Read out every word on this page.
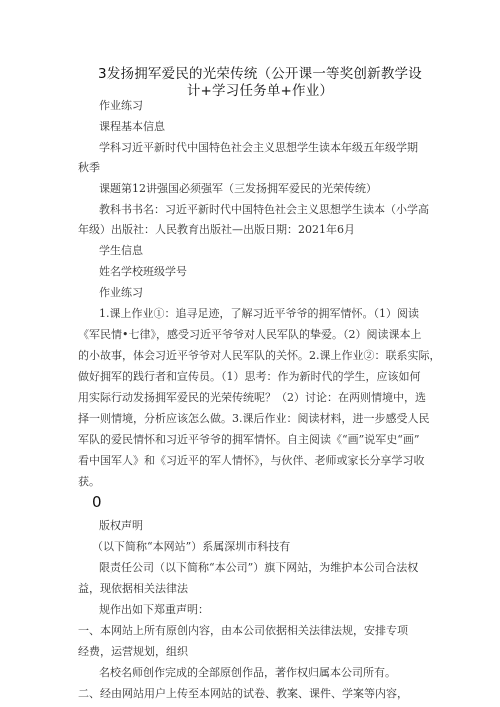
3发扬拥军爱民的光荣传统（公开课一等奖创新教学设
计+学习任务单+作业）
作业练习
课程基本信息
学科习近平新时代中国特色社会主义思想学生读本年级五年级学期
秋季
课题第12讲强国必须强军（三发扬拥军爱民的光荣传统）
教科书书名：习近平新时代中国特色社会主义思想学生读本（小学高
年级）出版社：人民教育出版社—出版日期：2021年6月
学生信息
姓名学校班级学号
作业练习
1.课上作业①：追寻足迹，了解习近平爷爷的拥军情怀。（1）阅读
《军民情•七律》，感受习近平爷爷对人民军队的挚爱。（2）阅读课本上
的小故事，体会习近平爷爷对人民军队的关怀。2.课上作业②：联系实际，
做好拥军的践行者和宣传员。（1）思考：作为新时代的学生，应该如何
用实际行动发扬拥军爱民的光荣传统呢？（2）讨论：在两则情境中，选
择一则情境，分析应该怎么做。3.课后作业：阅读材料，进一步感受人民
军队的爱民情怀和习近平爷爷的拥军情怀。自主阅读《“画”说军史“画”
看中国军人》和《习近平的军人情怀》，与伙伴、老师或家长分享学习收
获。
0
版权声明
（以下简称“本网站”）系属深圳市科技有
限责任公司（以下简称“本公司”）旗下网站，为维护本公司合法权
益，现依据相关法律法
规作出如下郑重声明：
一、本网站上所有原创内容，由本公司依据相关法律法规，安排专项
经费，运营规划，组织
名校名师创作完成的全部原创作品，著作权归属本公司所有。
二、经由网站用户上传至本网站的试卷、教案、课件、学案等内容，
